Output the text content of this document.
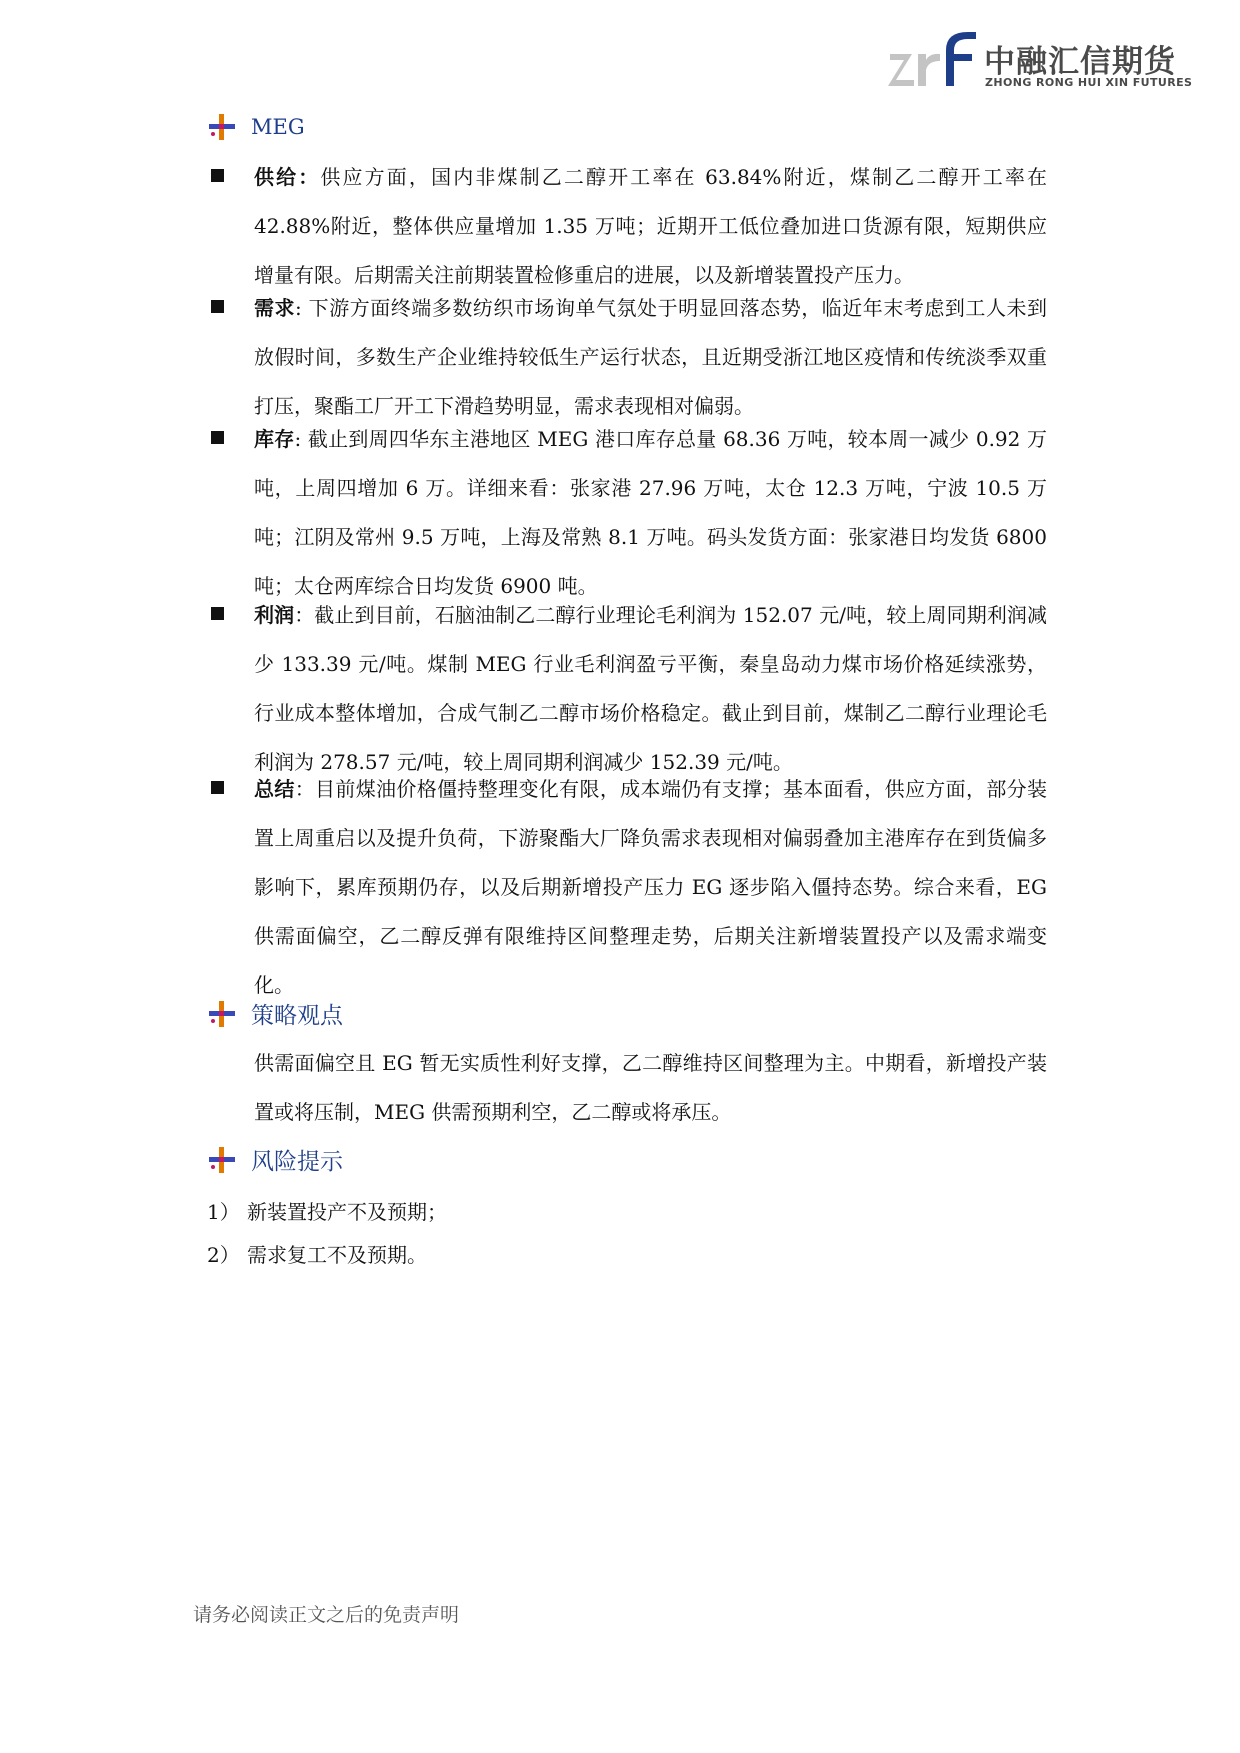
中融汇信期货
ZHONG RONG HUI XIN FUTURES
MEG
供给：供应方面，国内非煤制乙二醇开工率在 63.84%附近，煤制乙二醇开工率在 42.88%附近，整体供应量增加 1.35 万吨；近期开工低位叠加进口货源有限，短期供应增量有限。后期需关注前期装置检修重启的进展，以及新增装置投产压力。
需求: 下游方面终端多数纺织市场询单气氛处于明显回落态势，临近年末考虑到工人未到放假时间，多数生产企业维持较低生产运行状态，且近期受浙江地区疫情和传统淡季双重打压，聚酯工厂开工下滑趋势明显，需求表现相对偏弱。
库存: 截止到周四华东主港地区 MEG 港口库存总量 68.36 万吨，较本周一减少 0.92 万吨，上周四增加 6 万。详细来看：张家港 27.96 万吨，太仓 12.3 万吨，宁波 10.5 万吨；江阴及常州 9.5 万吨，上海及常熟 8.1 万吨。码头发货方面：张家港日均发货 6800 吨；太仓两库综合日均发货 6900 吨。
利润：截止到目前，石脑油制乙二醇行业理论毛利润为 152.07 元/吨，较上周同期利润减少 133.39 元/吨。煤制 MEG 行业毛利润盈亏平衡，秦皇岛动力煤市场价格延续涨势，行业成本整体增加，合成气制乙二醇市场价格稳定。截止到目前，煤制乙二醇行业理论毛利润为 278.57 元/吨，较上周同期利润减少 152.39 元/吨。
总结：目前煤油价格僵持整理变化有限，成本端仍有支撑；基本面看，供应方面，部分装置上周重启以及提升负荷，下游聚酯大厂降负需求表现相对偏弱叠加主港库存在到货偏多影响下，累库预期仍存，以及后期新增投产压力 EG 逐步陷入僵持态势。综合来看，EG 供需面偏空，乙二醇反弹有限维持区间整理走势，后期关注新增装置投产以及需求端变化。
策略观点
供需面偏空且 EG 暂无实质性利好支撑，乙二醇维持区间整理为主。中期看，新增投产装置或将压制，MEG 供需预期利空，乙二醇或将承压。
风险提示
1） 新装置投产不及预期；
2） 需求复工不及预期。
请务必阅读正文之后的免责声明
